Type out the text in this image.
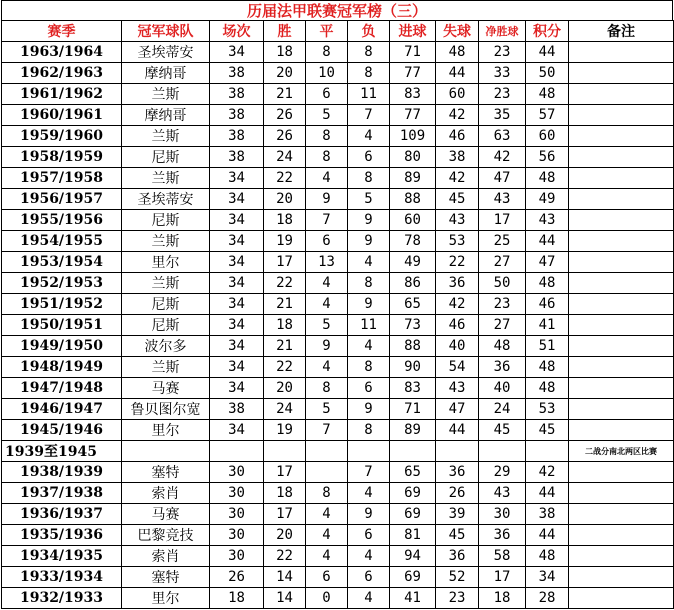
历届法甲联赛冠军榜（三）
赛季	冠军球队	场次	胜	平	负	进球	失球	净胜球	积分	备注
1963/1964	圣埃蒂安	34	18	8	8	71	48	23	44	
1962/1963	摩纳哥	38	20	10	8	77	44	33	50	
1961/1962	兰斯	38	21	6	11	83	60	23	48	
1960/1961	摩纳哥	38	26	5	7	77	42	35	57	
1959/1960	兰斯	38	26	8	4	109	46	63	60	
1958/1959	尼斯	38	24	8	6	80	38	42	56	
1957/1958	兰斯	34	22	4	8	89	42	47	48	
1956/1957	圣埃蒂安	34	20	9	5	88	45	43	49	
1955/1956	尼斯	34	18	7	9	60	43	17	43	
1954/1955	兰斯	34	19	6	9	78	53	25	44	
1953/1954	里尔	34	17	13	4	49	22	27	47	
1952/1953	兰斯	34	22	4	8	86	36	50	48	
1951/1952	尼斯	34	21	4	9	65	42	23	46	
1950/1951	尼斯	34	18	5	11	73	46	27	41	
1949/1950	波尔多	34	21	9	4	88	40	48	51	
1948/1949	兰斯	34	22	4	8	90	54	36	48	
1947/1948	马赛	34	20	8	6	83	43	40	48	
1946/1947	鲁贝图尔宽	38	24	5	9	71	47	24	53	
1945/1946	里尔	34	19	7	8	89	44	45	45	
1939至1945										二战分南北两区比赛
1938/1939	塞特	30	17		7	65	36	29	42	
1937/1938	索肖	30	18	8	4	69	26	43	44	
1936/1937	马赛	30	17	4	9	69	39	30	38	
1935/1936	巴黎竞技	30	20	4	6	81	45	36	44	
1934/1935	索肖	30	22	4	4	94	36	58	48	
1933/1934	塞特	26	14	6	6	69	52	17	34	
1932/1933	里尔	18	14	0	4	41	23	18	28	
